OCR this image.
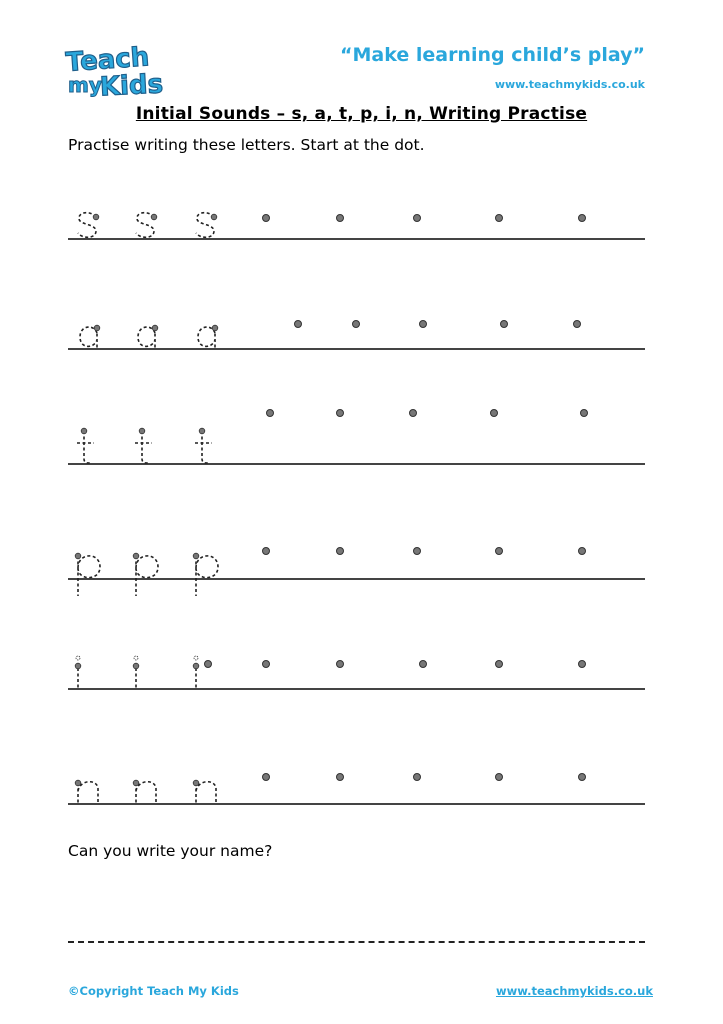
Teach
my
Kids
“Make learning child’s play”
www.teachmykids.co.uk
Initial Sounds – s, a, t, p, i, n, Writing Practise
Practise writing these letters. Start at the dot.
Can you write your name?
©Copyright Teach My Kids	www.teachmykids.co.uk
